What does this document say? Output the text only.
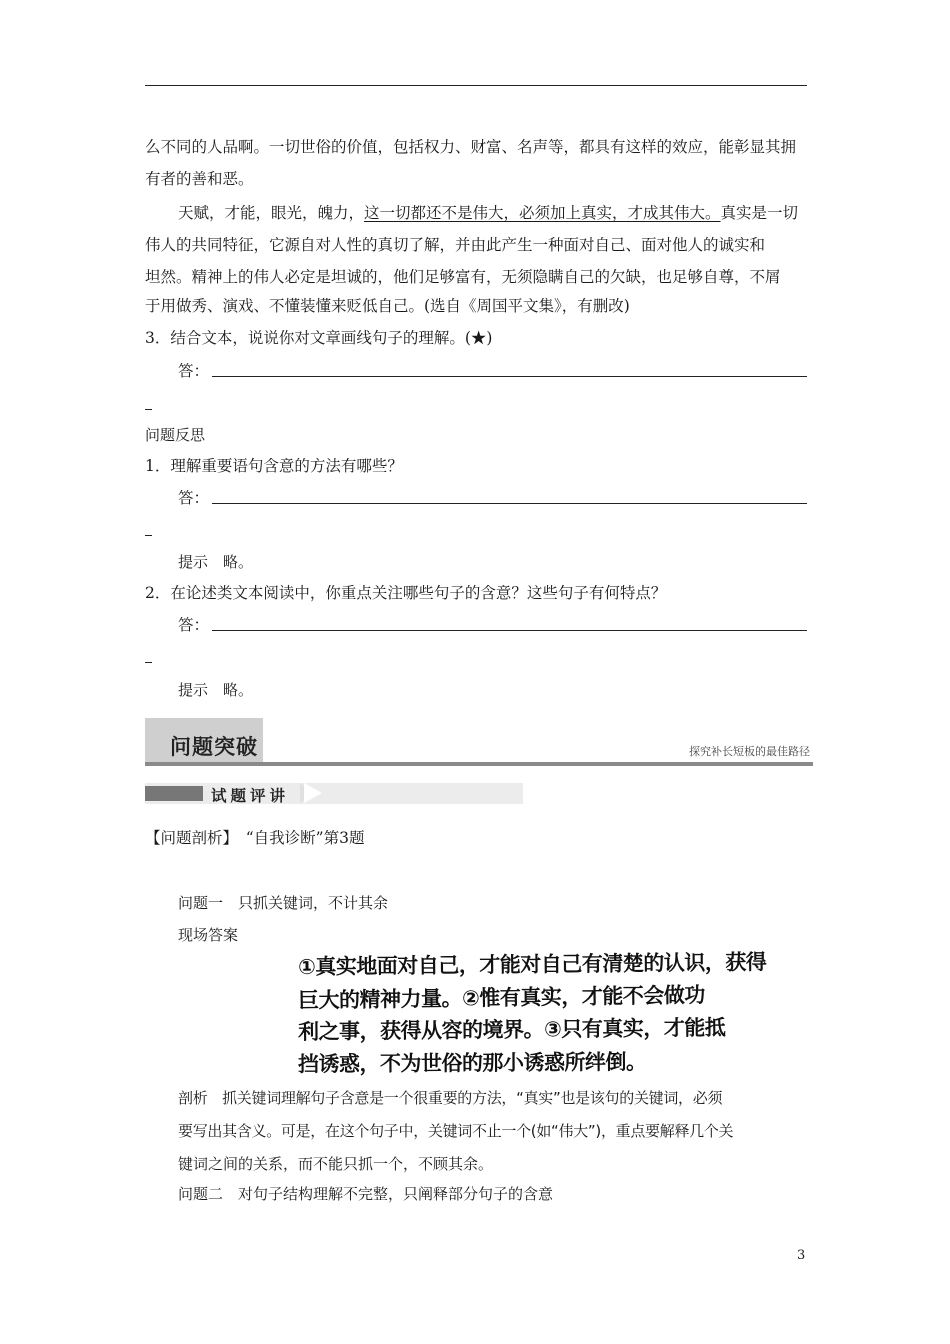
么不同的人品啊。一切世俗的价值，包括权力、财富、名声等，都具有这样的效应，能彰显其拥
有者的善和恶。
天赋，才能，眼光，魄力，这一切都还不是伟大，必须加上真实，才成其伟大。真实是一切
伟人的共同特征，它源自对人性的真切了解，并由此产生一种面对自己、面对他人的诚实和
坦然。精神上的伟人必定是坦诚的，他们足够富有，无须隐瞒自己的欠缺，也足够自尊，不屑
于用做秀、演戏、不懂装懂来贬低自己。(选自《周国平文集》，有删改)
3．结合文本，说说你对文章画线句子的理解。(★)
答：
问题反思
1．理解重要语句含意的方法有哪些？
答：
提示　略。
2．在论述类文本阅读中，你重点关注哪些句子的含意？这些句子有何特点？
答：
提示　略。
问题突破	探究补长短板的最佳路径
试题评讲
【问题剖析】　“自我诊断”第3题
问题一　只抓关键词，不计其余
现场答案
①真实地面对自己，才能对自己有清楚的认识，获得
巨大的精神力量。②惟有真实，才能不会做功
利之事，获得从容的境界。③只有真实，才能抵
挡诱惑，不为世俗的那小诱惑所绊倒。
剖析　抓关键词理解句子含意是一个很重要的方法，“真实”也是该句的关键词，必须
要写出其含义。可是，在这个句子中，关键词不止一个(如“伟大”)，重点要解释几个关
键词之间的关系，而不能只抓一个，不顾其余。
问题二　对句子结构理解不完整，只阐释部分句子的含意
3
